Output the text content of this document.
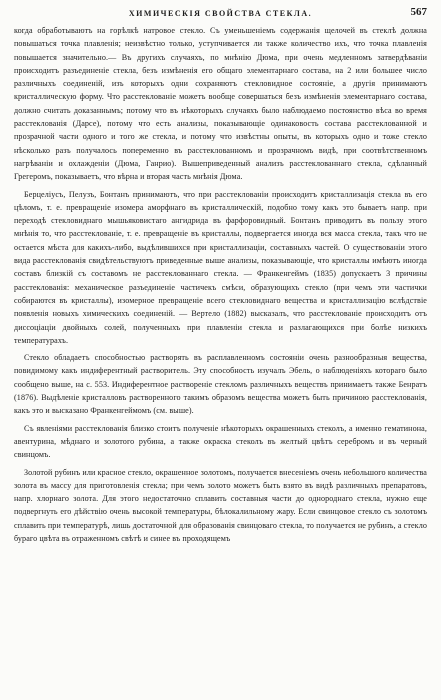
ХИМИЧЕСКІЯ СВОЙСТВА СТЕКЛА.	567

когда обработываютъ на горѣлкѣ натровое стекло. Съ уменьшеніемъ содержанія щелочей въ стеклѣ должна повышаться точка плавленія; неизвѣстно только, уступчивается ли также количество ихъ, что точка плавленія повышается значительно.— Въ другихъ случаяхъ, по мнѣнію Дюма, при очень медленномъ затвердѣваніи происходитъ разъединеніе стекла, безъ измѣненія его общаго элементарнаго состава, на 2 или большее число различныхъ соединеній, изъ которыхъ одни сохраняютъ стекловидное состояніе, а другія принимаютъ кристаллическую форму. Что расстеклованіе можетъ вообще совершаться безъ измѣненія элементарнаго состава, должно считать доказаннымъ; потому что въ нѣкоторыхъ случаяхъ было наблюдаемо постоянство вѣса во время расстеклованія (Дарсе), потому что есть анализы, показывающіе одинаковость состава расстеклованной и прозрачной части одного и того же стекла, и потому что извѣстны опыты, въ которыхъ одно и тоже стекло нѣсколько разъ получалось попеременно въ расстеклованномъ и прозрачномъ видѣ, при соотвѣтственномъ нагрѣваніи и охлажденіи (Дюма, Ганрио). Вышеприведенный анализъ расстеклованнаго стекла, сдѣланный Грегеромъ, показываетъ, что вѣрна и вторая часть мнѣнія Дюма.

Берцеліусъ, Пелузъ, Бонтанъ принимаютъ, что при расстеклованіи происходитъ кристаллизація стекла въ его цѣломъ, т. е. превращеніе изомера аморфнаго въ кристаллическій, подобно тому какъ это бываетъ напр. при переходѣ стекловиднаго мышьяковистаго ангидрида въ фарфоровидный. Бонтанъ приводитъ въ пользу этого мнѣнія то, что расстеклованіе, т. е. превращеніе въ кристаллы, подвергается иногда вся масса стекла, такъ что не остается мѣста для какихъ-либо, выдѣлившихся при кристаллизаціи, составныхъ частей. О существованіи этого вида расстеклованія свидѣтельствуютъ приведенные выше анализы, показывающіе, что кристаллы имѣютъ иногда составъ близкій съ составомъ не расстеклованнаго стекла. — Франкенгеймъ (1835) допускаетъ 3 причины расстеклованія: механическое разъединеніе частичекъ смѣси, образующихъ стекло (при чемъ эти частички собираются въ кристаллы), изомерное превращеніе всего стекловиднаго вещества и кристаллизацію вслѣдствіе появленія новыхъ химическихъ соединеній. — Вертело (1882) высказалъ, что расстеклованіе происходитъ отъ диссоціаціи двойныхъ солей, полученныхъ при плавленіи стекла и разлагающихся при болѣе низкихъ температурахъ.

Стекло обладаетъ способностью растворять въ расплавленномъ состояніи очень разнообразныя вещества, повидимому какъ индиферентный растворитель. Эту способность изучалъ Эбель, о наблюденіяхъ котораго было сообщено выше, на с. 553. Индиферентное раствореніе стекломъ различныхъ веществъ принимаетъ также Бенратъ (1876). Выдѣленіе кристалловъ растворенного такимъ образомъ вещества можетъ быть причиною расстеклованія, какъ это и высказано Франкенгеймомъ (см. выше).

Съ явленіями расстеклованія близко стоитъ полученіе нѣкоторыхъ окрашенныхъ стеколъ, а именно гематинона, авентурина, мѣднаго и золотого рубина, а также окраска стеколъ въ желтый цвѣтъ серебромъ и въ черный свинцомъ.

Золотой рубинъ или красное стекло, окрашенное золотомъ, получается внесеніемъ очень небольшого количества золота въ массу для приготовленія стекла; при чемъ золото можетъ быть взято въ видѣ различныхъ препаратовъ, напр. хлорнаго золота. Для этого недостаточно сплавить составныя части до однороднаго стекла, нужно еще подвергнуть его дѣйствію очень высокой температуры, бѣлокалильному жару. Если свинцовое стекло съ золотомъ сплавить при температурѣ, лишь достаточной для образованія свинцоваго стекла, то получается не рубинъ, а стекло бураго цвѣта въ отраженномъ свѣтѣ и синее въ проходящемъ
